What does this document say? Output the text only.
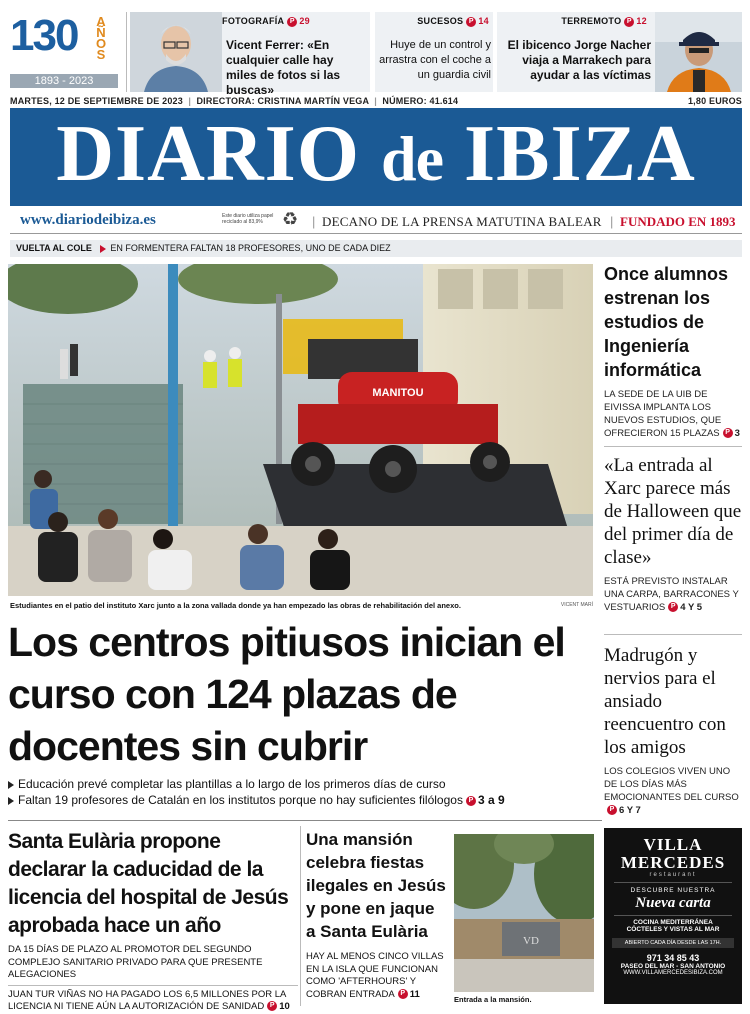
130 AÑOS
1893 - 2023
FOTOGRAFÍA P 29
Vicent Ferrer: «En cualquier calle hay miles de fotos si las buscas»
SUCESOS P 14
Huye de un control y arrastra con el coche a un guardia civil
TERREMOTO P 12
El ibicenco Jorge Nacher viaja a Marrakech para ayudar a las víctimas
MARTES, 12 DE SEPTIEMBRE DE 2023  |  DIRECTORA: CRISTINA MARTÍN VEGA  |  NÚMERO: 41.614	1,80 EUROS
DIARIO de IBIZA
www.diariodeibiza.es	Este diario utiliza papel reciclado al 83,9%	♻ | DECANO DE LA PRENSA MATUTINA BALEAR | FUNDADO EN 1893
VUELTA AL COLE EN FORMENTERA FALTAN 18 PROFESORES, UNO DE CADA DIEZ
MANITOU
Estudiantes en el patio del instituto Xarc junto a la zona vallada donde ya han empezado las obras de rehabilitación del anexo.	VICENT MARÍ
Once alumnos estrenan los estudios de Ingeniería informática
LA SEDE DE LA UIB DE EIVISSA IMPLANTA LOS NUEVOS ESTUDIOS, QUE OFRECIERON 15 PLAZASP 3
«La entrada al Xarc parece más de Halloween que del primer día de clase»
ESTÁ PREVISTO INSTALAR UNA CARPA, BARRACONES Y VESTUARIOS P 4 Y 5
Madrugón y nervios para el ansiado reencuentro con los amigos
LOS COLEGIOS VIVEN UNO DE LOS DÍAS MÁS EMOCIONANTES DEL CURSOP6 Y 7
Los centros pitiusos inician el curso con 124 plazas de docentes sin cubrir
Educación prevé completar las plantillas a lo largo de los primeros días de curso
Faltan 19 profesores de Catalán en los institutos porque no hay suficientes filólogos P 3 a 9
Santa Eulària propone declarar la caducidad de la licencia del hospital de Jesús aprobada hace un año
DA 15 DÍAS DE PLAZO AL PROMOTOR DEL SEGUNDO COMPLEJO SANITARIO PRIVADO PARA QUE PRESENTE ALEGACIONES
JUAN TUR VIÑAS NO HA PAGADO LOS 6,5 MILLONES POR LA LICENCIA NI TIENE AÚN LA AUTORIZACIÓN DE SANIDAD P 10
Una mansión celebra fiestas ilegales en Jesús y pone en jaque a Santa Eulària
HAY AL MENOS CINCO VILLAS EN LA ISLA QUE FUNCIONAN COMO 'AFTERHOURS' Y COBRAN ENTRADA P 11
VD
Entrada a la mansión.
VILLA
MERCEDES
restaurant
DESCUBRE NUESTRA
Nueva carta
COCINA MEDITERRÁNEA
CÓCTELES Y VISTAS AL MAR
ABIERTO CADA DÍA DESDE LAS 17H.
971 34 85 43
PASEO DEL MAR - SAN ANTONIO
WWW.VILLAMERCEDESIBIZA.COM
